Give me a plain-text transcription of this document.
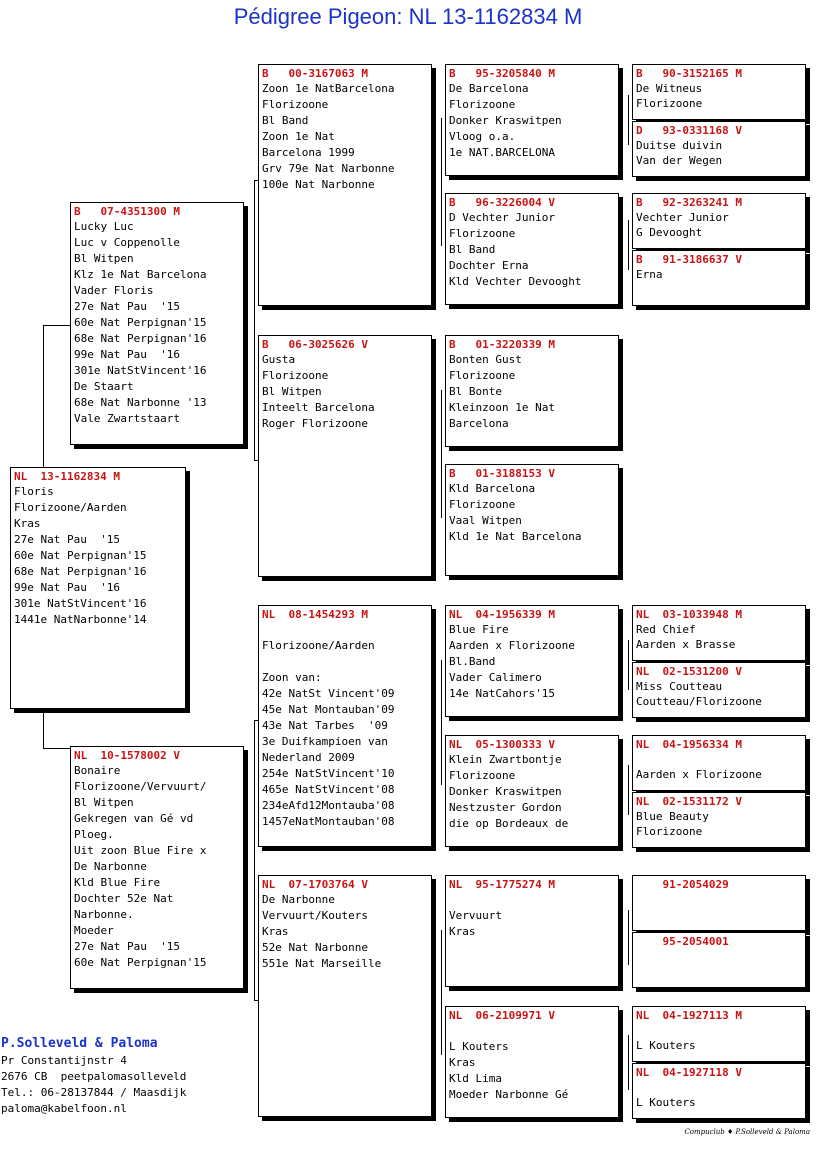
Pédigree Pigeon: NL 13-1162834 M
NL  13-1162834 M
Floris
Florizoone/Aarden
Kras
27e Nat Pau  '15
60e Nat Perpignan'15
68e Nat Perpignan'16
99e Nat Pau  '16
301e NatStVincent'16
1441e NatNarbonne'14
B   07-4351300 M
Lucky Luc
Luc v Coppenolle
Bl Witpen
Klz 1e Nat Barcelona
Vader Floris
27e Nat Pau  '15
60e Nat Perpignan'15
68e Nat Perpignan'16
99e Nat Pau  '16
301e NatStVincent'16
De Staart
68e Nat Narbonne '13
Vale Zwartstaart
NL  10-1578002 V
Bonaire
Florizoone/Vervuurt/
Bl Witpen
Gekregen van Gé vd
Ploeg.
Uit zoon Blue Fire x
De Narbonne
Kld Blue Fire
Dochter 52e Nat
Narbonne.
Moeder
27e Nat Pau  '15
60e Nat Perpignan'15
B   00-3167063 M
Zoon 1e NatBarcelona
Florizoone
Bl Band
Zoon 1e Nat
Barcelona 1999
Grv 79e Nat Narbonne
100e Nat Narbonne
B   06-3025626 V
Gusta
Florizoone
Bl Witpen
Inteelt Barcelona
Roger Florizoone
NL  08-1454293 M
Florizoone/Aarden
Zoon van:
42e NatSt Vincent'09
45e Nat Montauban'09
43e Nat Tarbes  '09
3e Duifkampioen van
Nederland 2009
254e NatStVincent'10
465e NatStVincent'08
234eAfd12Montauba'08
1457eNatMontauban'08
NL  07-1703764 V
De Narbonne
Vervuurt/Kouters
Kras
52e Nat Narbonne
551e Nat Marseille
B   95-3205840 M
De Barcelona
Florizoone
Donker Kraswitpen
Vloog o.a.
1e NAT.BARCELONA
B   96-3226004 V
D Vechter Junior
Florizoone
Bl Band
Dochter Erna
Kld Vechter Devooght
B   01-3220339 M
Bonten Gust
Florizoone
Bl Bonte
Kleinzoon 1e Nat
Barcelona
B   01-3188153 V
Kld Barcelona
Florizoone
Vaal Witpen
Kld 1e Nat Barcelona
NL  04-1956339 M
Blue Fire
Aarden x Florizoone
Bl.Band
Vader Calimero
14e NatCahors'15
NL  05-1300333 V
Klein Zwartbontje
Florizoone
Donker Kraswitpen
Nestzuster Gordon
die op Bordeaux de
NL  95-1775274 M
Vervuurt
Kras
NL  06-2109971 V
L Kouters
Kras
Kld Lima
Moeder Narbonne Gé
B   90-3152165 M
De Witneus
Florizoone
D   93-0331168 V
Duitse duivin
Van der Wegen
B   92-3263241 M
Vechter Junior
G Devooght
B   91-3186637 V
Erna
NL  03-1033948 M
Red Chief
Aarden x Brasse
NL  02-1531200 V
Miss Coutteau
Coutteau/Florizoone
NL  04-1956334 M
Aarden x Florizoone
NL  02-1531172 V
Blue Beauty
Florizoone
91-2054029
95-2054001
NL  04-1927113 M
L Kouters
NL  04-1927118 V
L Kouters
P.Solleveld & Paloma
Pr Constantijnstr 4
2676 CB  peetpalomasolleveld
Tel.: 06-28137844 / Maasdijk
paloma@kabelfoon.nl
Compuclub ♦ P.Solleveld & Paloma
